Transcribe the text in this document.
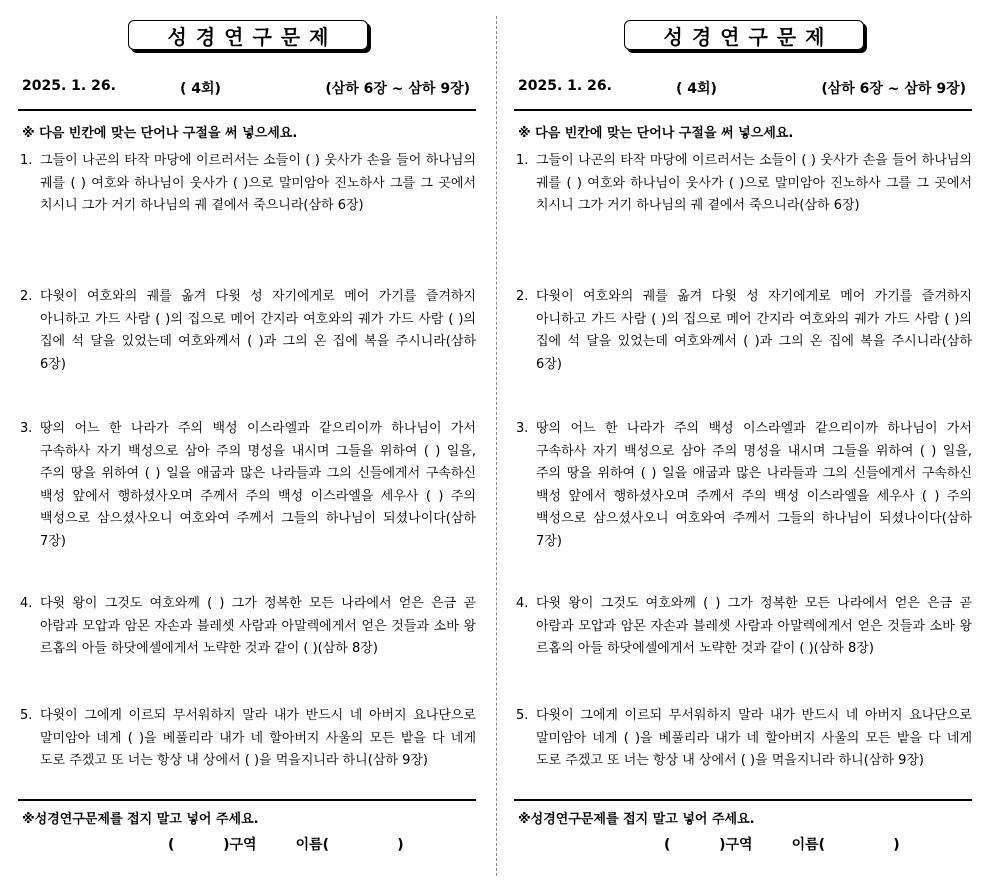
성경연구문제
2025. 1. 26.	( 4회)	(삼하 6장 ~ 삼하 9장)
※ 다음 빈칸에 맞는 단어나 구절을 써 넣으세요.
1. 그들이 나곤의 타작 마당에 이르러서는 소들이 ( ) 웃사가 손을 들어 하나님의 궤를 ( ) 여호와 하나님이 웃사가 ( )으로 말미암아 진노하사 그를 그 곳에서 치시니 그가 거기 하나님의 궤 곁에서 죽으니라(삼하 6장)
2. 다윗이 여호와의 궤를 옮겨 다윗 성 자기에게로 메어 가기를 즐겨하지 아니하고 가드 사람 ( )의 집으로 메어 간지라 여호와의 궤가 가드 사람 ( )의 집에 석 달을 있었는데 여호와께서 ( )과 그의 온 집에 복을 주시니라(삼하 6장)
3. 땅의 어느 한 나라가 주의 백성 이스라엘과 같으리이까 하나님이 가서 구속하사 자기 백성으로 삼아 주의 명성을 내시며 그들을 위하여 ( ) 일을, 주의 땅을 위하여 ( ) 일을 애굽과 많은 나라들과 그의 신들에게서 구속하신 백성 앞에서 행하셨사오며 주께서 주의 백성 이스라엘을 세우사 ( ) 주의 백성으로 삼으셨사오니 여호와여 주께서 그들의 하나님이 되셨나이다(삼하 7장)
4. 다윗 왕이 그것도 여호와께 ( ) 그가 정복한 모든 나라에서 얻은 은금 곧 아람과 모압과 암몬 자손과 블레셋 사람과 아말렉에게서 얻은 것들과 소바 왕 르홉의 아들 하닷에셀에게서 노략한 것과 같이 ( )(삼하 8장)
5. 다윗이 그에게 이르되 무서워하지 말라 내가 반드시 네 아버지 요나단으로 말미암아 네게 ( )을 베풀리라 내가 네 할아버지 사울의 모든 밭을 다 네게 도로 주겠고 또 너는 항상 내 상에서 ( )을 먹을지니라 하니(삼하 9장)
※성경연구문제를 접지 말고 넣어 주세요.
(          )구역        이름(              )
성경연구문제
2025. 1. 26.	( 4회)	(삼하 6장 ~ 삼하 9장)
※ 다음 빈칸에 맞는 단어나 구절을 써 넣으세요.
1. 그들이 나곤의 타작 마당에 이르러서는 소들이 ( ) 웃사가 손을 들어 하나님의 궤를 ( ) 여호와 하나님이 웃사가 ( )으로 말미암아 진노하사 그를 그 곳에서 치시니 그가 거기 하나님의 궤 곁에서 죽으니라(삼하 6장)
2. 다윗이 여호와의 궤를 옮겨 다윗 성 자기에게로 메어 가기를 즐겨하지 아니하고 가드 사람 ( )의 집으로 메어 간지라 여호와의 궤가 가드 사람 ( )의 집에 석 달을 있었는데 여호와께서 ( )과 그의 온 집에 복을 주시니라(삼하 6장)
3. 땅의 어느 한 나라가 주의 백성 이스라엘과 같으리이까 하나님이 가서 구속하사 자기 백성으로 삼아 주의 명성을 내시며 그들을 위하여 ( ) 일을, 주의 땅을 위하여 ( ) 일을 애굽과 많은 나라들과 그의 신들에게서 구속하신 백성 앞에서 행하셨사오며 주께서 주의 백성 이스라엘을 세우사 ( ) 주의 백성으로 삼으셨사오니 여호와여 주께서 그들의 하나님이 되셨나이다(삼하 7장)
4. 다윗 왕이 그것도 여호와께 ( ) 그가 정복한 모든 나라에서 얻은 은금 곧 아람과 모압과 암몬 자손과 블레셋 사람과 아말렉에게서 얻은 것들과 소바 왕 르홉의 아들 하닷에셀에게서 노략한 것과 같이 ( )(삼하 8장)
5. 다윗이 그에게 이르되 무서워하지 말라 내가 반드시 네 아버지 요나단으로 말미암아 네게 ( )을 베풀리라 내가 네 할아버지 사울의 모든 밭을 다 네게 도로 주겠고 또 너는 항상 내 상에서 ( )을 먹을지니라 하니(삼하 9장)
※성경연구문제를 접지 말고 넣어 주세요.
(          )구역        이름(              )
